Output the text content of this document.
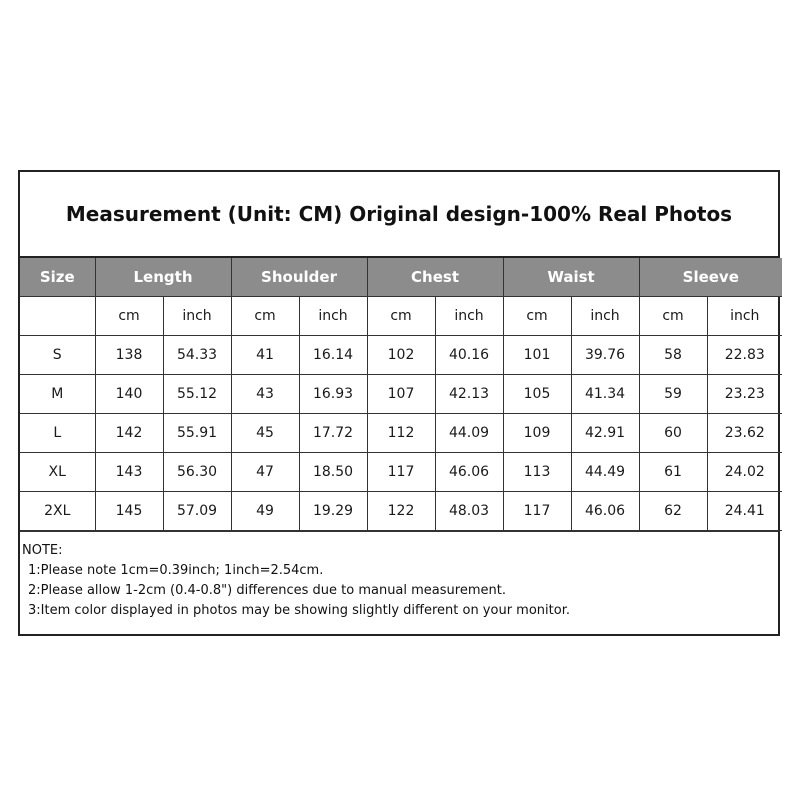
Measurement (Unit: CM) Original design-100% Real Photos
Size	Length		Shoulder		Chest		Waist		Sleeve	
	cm	inch	cm	inch	cm	inch	cm	inch	cm	inch
S	138	54.33	41	16.14	102	40.16	101	39.76	58	22.83
M	140	55.12	43	16.93	107	42.13	105	41.34	59	23.23
L	142	55.91	45	17.72	112	44.09	109	42.91	60	23.62
XL	143	56.30	47	18.50	117	46.06	113	44.49	61	24.02
2XL	145	57.09	49	19.29	122	48.03	117	46.06	62	24.41
NOTE:
1:Please note 1cm=0.39inch; 1inch=2.54cm.
2:Please allow 1-2cm (0.4-0.8") differences due to manual measurement.
3:Item color displayed in photos may be showing slightly different on your monitor.
